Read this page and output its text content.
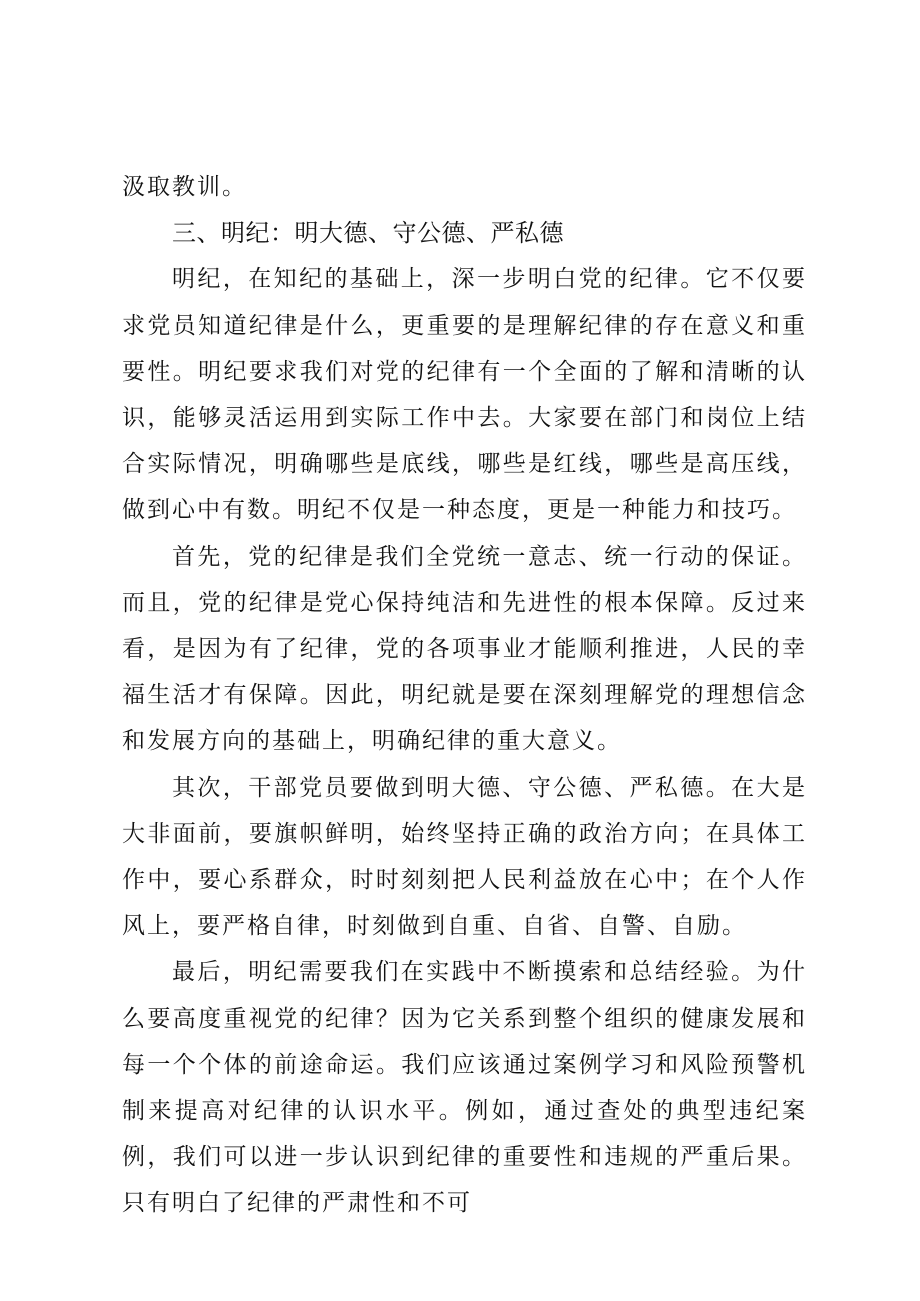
汲取教训。

三、明纪：明大德、守公德、严私德

明纪，在知纪的基础上，深一步明白党的纪律。它不仅要求党员知道纪律是什么，更重要的是理解纪律的存在意义和重要性。明纪要求我们对党的纪律有一个全面的了解和清晰的认识，能够灵活运用到实际工作中去。大家要在部门和岗位上结合实际情况，明确哪些是底线，哪些是红线，哪些是高压线，做到心中有数。明纪不仅是一种态度，更是一种能力和技巧。

首先，党的纪律是我们全党统一意志、统一行动的保证。而且，党的纪律是党心保持纯洁和先进性的根本保障。反过来看，是因为有了纪律，党的各项事业才能顺利推进，人民的幸福生活才有保障。因此，明纪就是要在深刻理解党的理想信念和发展方向的基础上，明确纪律的重大意义。

其次，干部党员要做到明大德、守公德、严私德。在大是大非面前，要旗帜鲜明，始终坚持正确的政治方向；在具体工作中，要心系群众，时时刻刻把人民利益放在心中；在个人作风上，要严格自律，时刻做到自重、自省、自警、自励。

最后，明纪需要我们在实践中不断摸索和总结经验。为什么要高度重视党的纪律？因为它关系到整个组织的健康发展和每一个个体的前途命运。我们应该通过案例学习和风险预警机制来提高对纪律的认识水平。例如，通过查处的典型违纪案例，我们可以进一步认识到纪律的重要性和违规的严重后果。只有明白了纪律的严肃性和不可
